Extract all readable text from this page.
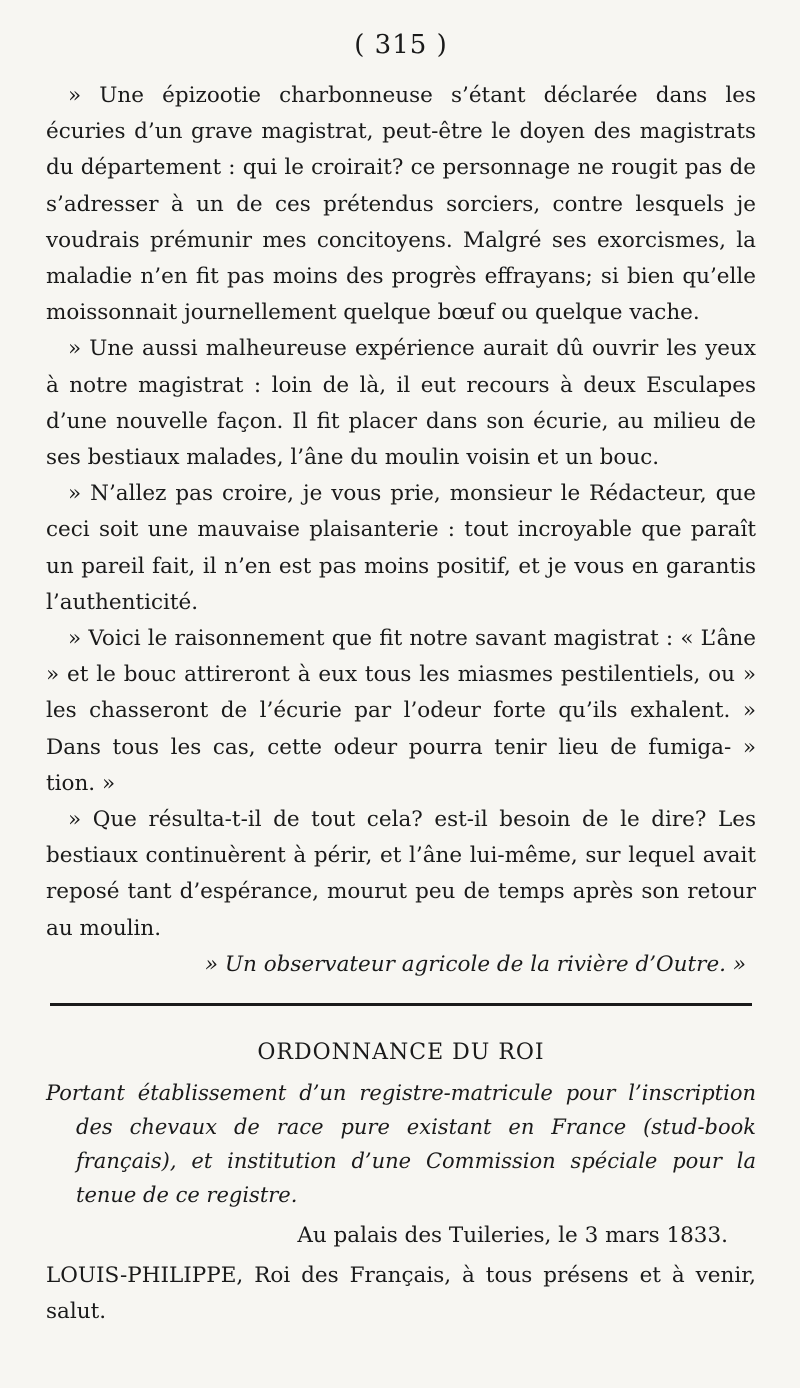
( 315 )

» Une épizootie charbonneuse s’étant déclarée dans les écuries d’un grave magistrat, peut-être le doyen des magistrats du département : qui le croirait? ce personnage ne rougit pas de s’adresser à un de ces prétendus sorciers, contre lesquels je voudrais prémunir mes concitoyens. Malgré ses exorcismes, la maladie n’en fit pas moins des progrès effrayans; si bien qu’elle moissonnait journellement quelque bœuf ou quelque vache.

» Une aussi malheureuse expérience aurait dû ouvrir les yeux à notre magistrat : loin de là, il eut recours à deux Esculapes d’une nouvelle façon. Il fit placer dans son écurie, au milieu de ses bestiaux malades, l’âne du moulin voisin et un bouc.

» N’allez pas croire, je vous prie, monsieur le Rédacteur, que ceci soit une mauvaise plaisanterie : tout incroyable que paraît un pareil fait, il n’en est pas moins positif, et je vous en garantis l’authenticité.

» Voici le raisonnement que fit notre savant magistrat : « L’âne » et le bouc attireront à eux tous les miasmes pestilentiels, ou » les chasseront de l’écurie par l’odeur forte qu’ils exhalent. » Dans tous les cas, cette odeur pourra tenir lieu de fumiga- » tion. »

» Que résulta-t-il de tout cela? est-il besoin de le dire? Les bestiaux continuèrent à périr, et l’âne lui-même, sur lequel avait reposé tant d’espérance, mourut peu de temps après son retour au moulin.

» Un observateur agricole de la rivière d’Outre. »

ORDONNANCE DU ROI

Portant établissement d’un registre-matricule pour l’inscription des chevaux de race pure existant en France (stud-book français), et institution d’une Commission spéciale pour la tenue de ce registre.

Au palais des Tuileries, le 3 mars 1833.

LOUIS-PHILIPPE, Roi des Français, à tous présens et à venir, salut.
